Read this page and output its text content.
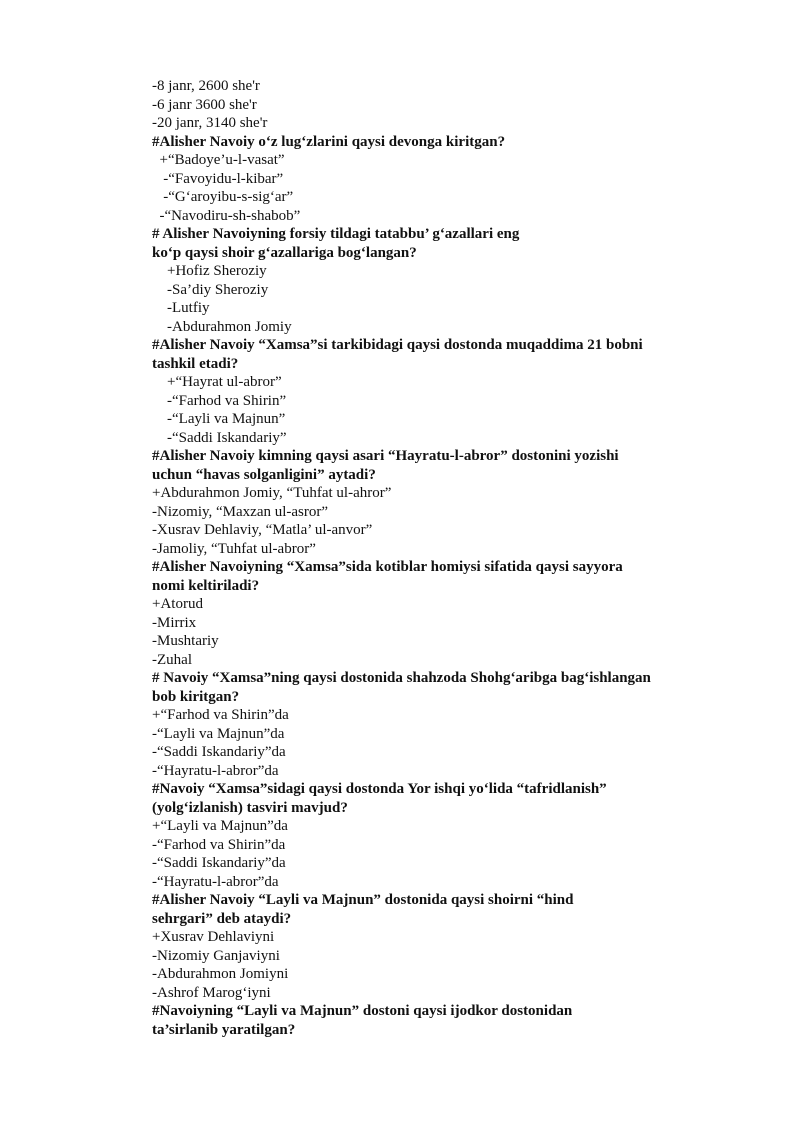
-8 janr, 2600 she'r

-6 janr 3600 she'r

-20 janr, 3140 she'r

#Alisher Navoiy o‘z lug‘zlarini qaysi devonga kiritgan?

+“Badoye’u-l-vasat”

-“Favoyidu-l-kibar”

-“G‘aroyibu-s-sig‘ar”

-“Navodiru-sh-shabob”

# Alisher Navoiyning forsiy tildagi tatabbu’ g‘azallari eng
ko‘p qaysi shoir g‘azallariga bog‘langan?

+Hofiz Sheroziy

-Sa’diy Sheroziy

-Lutfiy

-Abdurahmon Jomiy

#Alisher Navoiy “Xamsa”si tarkibidagi qaysi dostonda muqaddima 21 bobni
tashkil etadi?

+“Hayrat ul-abror”

-“Farhod va Shirin”

-“Layli va Majnun”

-“Saddi Iskandariy”

#Alisher Navoiy kimning qaysi asari “Hayratu-l-abror” dostonini yozishi
uchun “havas solganligini” aytadi?

+Abdurahmon Jomiy, “Tuhfat ul-ahror”

-Nizomiy, “Maxzan ul-asror”

-Xusrav Dehlaviy, “Matla’ ul-anvor”

-Jamoliy, “Tuhfat ul-abror”

#Alisher Navoiyning “Xamsa”sida kotiblar homiysi sifatida qaysi sayyora
nomi keltiriladi?

+Atorud

-Mirrix

-Mushtariy

-Zuhal

# Navoiy “Xamsa”ning qaysi dostonida shahzoda Shohg‘aribga bag‘ishlangan
bob kiritgan?

+“Farhod va Shirin”da

-“Layli va Majnun”da

-“Saddi Iskandariy”da

-“Hayratu-l-abror”da

#Navoiy “Xamsa”sidagi qaysi dostonda Yor ishqi yo‘lida “tafridlanish”
(yolg‘izlanish) tasviri mavjud?

+“Layli va Majnun”da

-“Farhod va Shirin”da

-“Saddi Iskandariy”da

-“Hayratu-l-abror”da

#Alisher Navoiy “Layli va Majnun” dostonida qaysi shoirni “hind
sehrgari” deb ataydi?

+Xusrav Dehlaviyni

-Nizomiy Ganjaviyni

-Abdurahmon Jomiyni

-Ashrof Marog‘iyni

#Navoiyning “Layli va Majnun” dostoni qaysi ijodkor dostonidan
ta’sirlanib yaratilgan?
